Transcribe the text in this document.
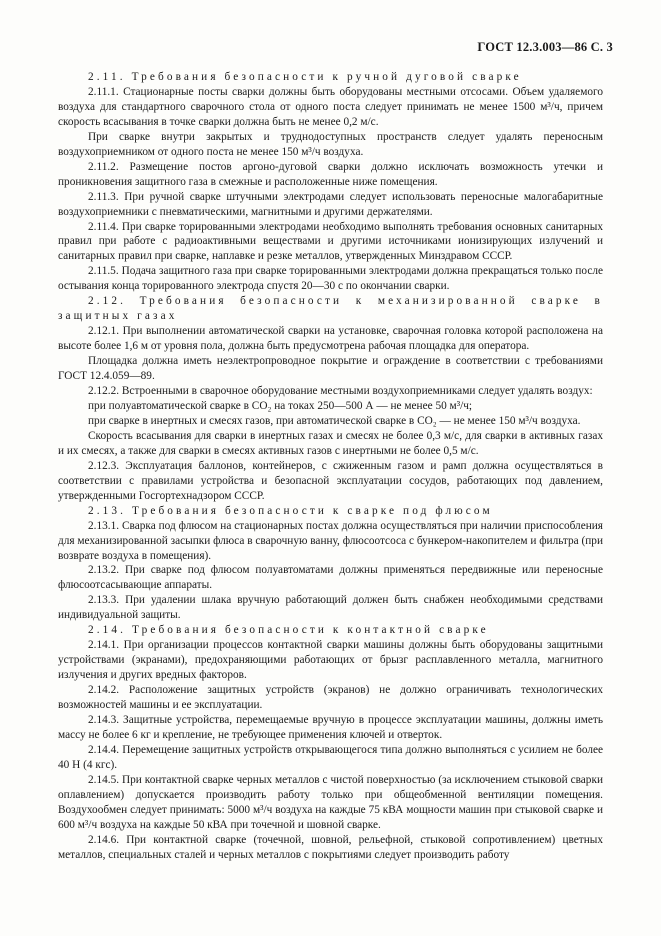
ГОСТ 12.3.003—86 С. 3

2.11. Требования безопасности к ручной дуговой сварке

2.11.1. Стационарные посты сварки должны быть оборудованы местными отсосами. Объем удаляемого воздуха для стандартного сварочного стола от одного поста следует принимать не менее 1500 м³/ч, причем скорость всасывания в точке сварки должна быть не менее 0,2 м/с.

При сварке внутри закрытых и труднодоступных пространств следует удалять переносным воздухоприемником от одного поста не менее 150 м³/ч воздуха.

2.11.2. Размещение постов аргоно-дуговой сварки должно исключать возможность утечки и проникновения защитного газа в смежные и расположенные ниже помещения.

2.11.3. При ручной сварке штучными электродами следует использовать переносные малогабаритные воздухоприемники с пневматическими, магнитными и другими держателями.

2.11.4. При сварке торированными электродами необходимо выполнять требования основных санитарных правил при работе с радиоактивными веществами и другими источниками ионизирующих излучений и санитарных правил при сварке, наплавке и резке металлов, утвержденных Минздравом СССР.

2.11.5. Подача защитного газа при сварке торированными электродами должна прекращаться только после остывания конца торированного электрода спустя 20—30 с по окончании сварки.

2.12. Требования безопасности к механизированной сварке в защитных газах

2.12.1. При выполнении автоматической сварки на установке, сварочная головка которой расположена на высоте более 1,6 м от уровня пола, должна быть предусмотрена рабочая площадка для оператора.

Площадка должна иметь неэлектропроводное покрытие и ограждение в соответствии с требованиями ГОСТ 12.4.059—89.

2.12.2. Встроенными в сварочное оборудование местными воздухоприемниками следует удалять воздух:

при полуавтоматической сварке в CO₂ на токах 250—500 А — не менее 50 м³/ч;

при сварке в инертных и смесях газов, при автоматической сварке в CO₂ — не менее 150 м³/ч воздуха.

Скорость всасывания для сварки в инертных газах и смесях не более 0,3 м/с, для сварки в активных газах и их смесях, а также для сварки в смесях активных газов с инертными не более 0,5 м/с.

2.12.3. Эксплуатация баллонов, контейнеров, с сжиженным газом и рамп должна осуществляться в соответствии с правилами устройства и безопасной эксплуатации сосудов, работающих под давлением, утвержденными Госгортехнадзором СССР.

2.13. Требования безопасности к сварке под флюсом

2.13.1. Сварка под флюсом на стационарных постах должна осуществляться при наличии приспособления для механизированной засыпки флюса в сварочную ванну, флюсоотсоса с бункером-накопителем и фильтра (при возврате воздуха в помещения).

2.13.2. При сварке под флюсом полуавтоматами должны применяться передвижные или переносные флюсоотсасывающие аппараты.

2.13.3. При удалении шлака вручную работающий должен быть снабжен необходимыми средствами индивидуальной защиты.

2.14. Требования безопасности к контактной сварке

2.14.1. При организации процессов контактной сварки машины должны быть оборудованы защитными устройствами (экранами), предохраняющими работающих от брызг расплавленного металла, магнитного излучения и других вредных факторов.

2.14.2. Расположение защитных устройств (экранов) не должно ограничивать технологических возможностей машины и ее эксплуатации.

2.14.3. Защитные устройства, перемещаемые вручную в процессе эксплуатации машины, должны иметь массу не более 6 кг и крепление, не требующее применения ключей и отверток.

2.14.4. Перемещение защитных устройств открывающегося типа должно выполняться с усилием не более 40 Н (4 кгс).

2.14.5. При контактной сварке черных металлов с чистой поверхностью (за исключением стыковой сварки оплавлением) допускается производить работу только при общеобменной вентиляции помещения. Воздухообмен следует принимать: 5000 м³/ч воздуха на каждые 75 кВА мощности машин при стыковой сварке и 600 м³/ч воздуха на каждые 50 кВА при точечной и шовной сварке.

2.14.6. При контактной сварке (точечной, шовной, рельефной, стыковой сопротивлением) цветных металлов, специальных сталей и черных металлов с покрытиями следует производить работу
